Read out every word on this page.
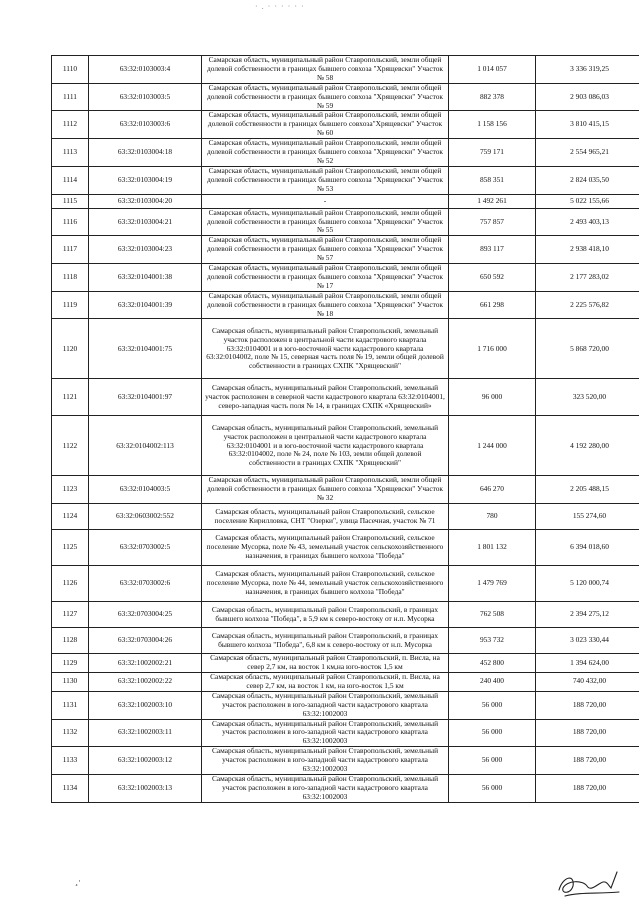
· . · · · · · ·
1110	63:32:0103003:4	Самарская область, муниципальный район Ставропольский, земли общей долевой собственности в границах бывшего совхоза "Хрящевски" Участок № 58	1 014 057	3 336 319,25
1111	63:32:0103003:5	Самарская область, муниципальный район Ставропольский, земли общей долевой собственности в границах бывшего совхоза "Хрящевски" Участок № 59	882 378	2 903 086,03
1112	63:32:0103003:6	Самарская область, муниципальный район Ставропольский, земли общей долевой собственности в границах бывшего совхоза"Хрящевски" Участок № 60	1 158 156	3 810 415,15
1113	63:32:0103004:18	Самарская область, муниципальный район Ставропольский, земли общей долевой собственности в границах бывшего совхоза "Хрящевски" Участок № 52	759 171	2 554 965,21
1114	63:32:0103004:19	Самарская область, муниципальный район Ставропольский, земли общей долевой собственности в границах бывшего совхоза "Хрящевски" Участок № 53	858 351	2 824 035,50
1115	63:32:0103004:20	-	1 492 261	5 022 155,66
1116	63:32:0103004:21	Самарская область, муниципальный район Ставропольский, земли общей долевой собственности в границах бывшего совхоза "Хрящевски" Участок № 55	757 857	2 493 403,13
1117	63:32:0103004:23	Самарская область, муниципальный район Ставропольский, земли общей долевой собственности в границах бывшего совхоза "Хрящевски" Участок № 57	893 117	2 938 418,10
1118	63:32:0104001:38	Самарская область, муниципальный район Ставропольский, земли общей долевой собственности в границах бывшего совхоза "Хрящевски" Участок № 17	650 592	2 177 283,02
1119	63:32:0104001:39	Самарская область, муниципальный район Ставропольский, земли общей долевой собственности в границах бывшего совхоза "Хрящевски" Участок № 18	661 298	2 225 576,82
1120	63:32:0104001:75	Самарская область, муниципальный район Ставропольский, земельный участок расположен в центральной части кадастрового квартала 63:32:0104001 и в юго-восточной части кадастрового квартала 63:32:0104002, поле № 15, северная часть поля № 19, земли общей долевой собственности в границах СХПК "Хрящевский"	1 716 000	5 868 720,00
1121	63:32:0104001:97	Самарская область, муниципальный район Ставропольский, земельный участок расположен в северной части кадастрового квартала 63:32:0104001, северо-западная часть поля № 14, в границах СХПК «Хрящевский»	96 000	323 520,00
1122	63:32:0104002:113	Самарская область, муниципальный район Ставропольский, земельный участок расположен в центральной части кадастрового квартала 63:32:0104001 и в юго-восточной части кадастрового квартала 63:32:0104002, поле № 24, поле № 103, земли общей долевой собственности в границах СХПК "Хрящевский"	1 244 000	4 192 280,00
1123	63:32:0104003:5	Самарская область, муниципальный район Ставропольский, земли общей долевой собственности в границах бывшего совхоза "Хрящевски" Участок № 32	646 270	2 205 488,15
1124	63:32:0603002:552	Самарская область, муниципальный район Ставропольский, сельское поселение Кирилловка, СНТ "Озерки", улица Пасечная, участок № 71	780	155 274,60
1125	63:32:0703002:5	Самарская область, муниципальный район Ставропольский, сельское поселение Мусорка, поле № 43, земельный участок сельскохозяйственного назначения, в границах бывшего колхоза "Победа"	1 801 132	6 394 018,60
1126	63:32:0703002:6	Самарская область, муниципальный район Ставропольский, сельское поселение Мусорка, поле № 44, земельный участок сельскохозяйственного назначения, в границах бывшего колхоза "Победа"	1 479 769	5 120 000,74
1127	63:32:0703004:25	Самарская область, муниципальный район Ставропольский, в границах бывшего колхоза "Победа", в 5,9 км к северо-востоку от н.п. Мусорка	762 508	2 394 275,12
1128	63:32:0703004:26	Самарская область, муниципальный район Ставропольский, в границах бывшего колхоза "Победа", 6,8 км к северо-востоку от н.п. Мусорка	953 732	3 023 330,44
1129	63:32:1002002:21	Самарская область, муниципальный район Ставропольский, п. Висла, на север 2,7 км, на восток 1 км,на юго-восток 1,5 км	452 800	1 394 624,00
1130	63:32:1002002:22	Самарская область, муниципальный район Ставропольский, п. Висла, на север 2,7 км, на восток 1 км, на юго-восток 1,5 км	240 400	740 432,00
1131	63:32:1002003:10	Самарская область, муниципальный район Ставропольский, земельный участок расположен в юго-западной части кадастрового квартала 63:32:1002003	56 000	188 720,00
1132	63:32:1002003:11	Самарская область, муниципальный район Ставропольский, земельный участок расположен в юго-западной части кадастрового квартала 63:32:1002003	56 000	188 720,00
1133	63:32:1002003:12	Самарская область, муниципальный район Ставропольский, земельный участок расположен в юго-западной части кадастрового квартала 63:32:1002003	56 000	188 720,00
1134	63:32:1002003:13	Самарская область, муниципальный район Ставропольский, земельный участок расположен в юго-западной части кадастрового квартала 63:32:1002003	56 000	188 720,00
¸·
